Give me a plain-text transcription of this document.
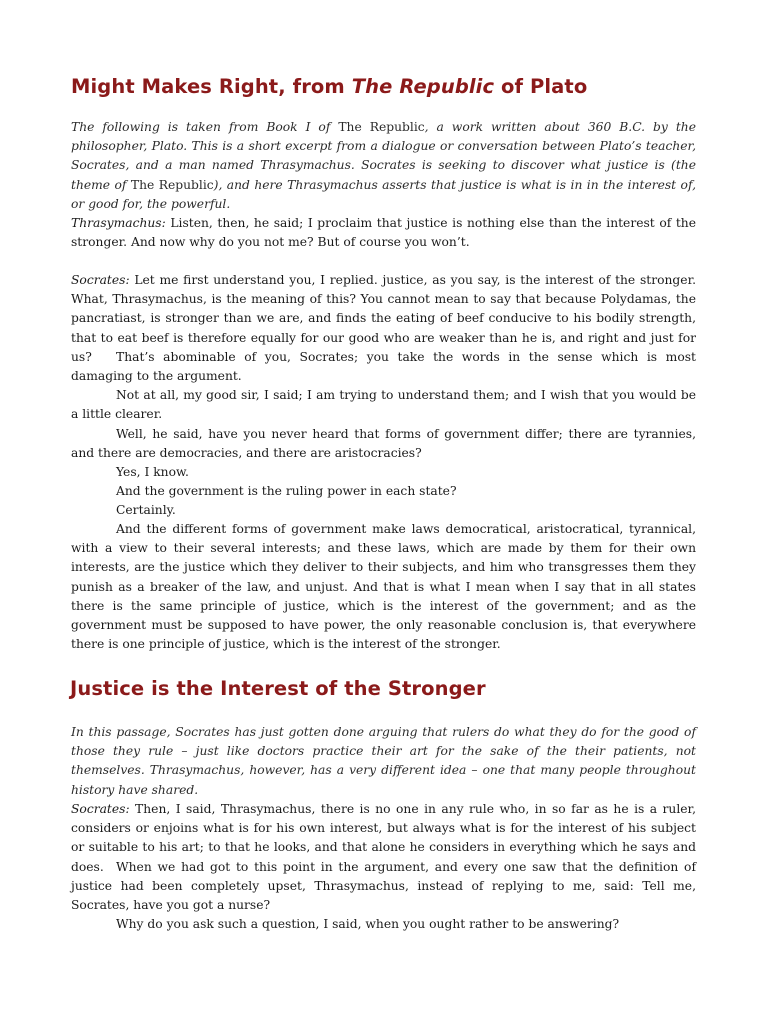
Might Makes Right, from The Republic of Plato

The following is taken from Book I of The Republic, a work written about 360 B.C. by the philosopher, Plato. This is a short excerpt from a dialogue or conversation between Plato’s teacher, Socrates, and a man named Thrasymachus. Socrates is seeking to discover what justice is (the theme of The Republic), and here Thrasymachus asserts that justice is what is in in the interest of, or good for, the powerful.

Thrasymachus: Listen, then, he said; I proclaim that justice is nothing else than the interest of the stronger. And now why do you not me? But of course you won’t.

Socrates: Let me first understand you, I replied. justice, as you say, is the interest of the stronger. What, Thrasymachus, is the meaning of this? You cannot mean to say that because Polydamas, the pancratiast, is stronger than we are, and finds the eating of beef conducive to his bodily strength, that to eat beef is therefore equally for our good who are weaker than he is, and right and just for us?	That’s abominable of you, Socrates; you take the words in the sense which is most damaging to the argument.

Not at all, my good sir, I said; I am trying to understand them; and I wish that you would be a little clearer.

Well, he said, have you never heard that forms of government differ; there are tyrannies, and there are democracies, and there are aristocracies?

Yes, I know.

And the government is the ruling power in each state?

Certainly.

And the different forms of government make laws democratical, aristocratical, tyrannical, with a view to their several interests; and these laws, which are made by them for their own interests, are the justice which they deliver to their subjects, and him who transgresses them they punish as a breaker of the law, and unjust. And that is what I mean when I say that in all states there is the same principle of justice, which is the interest of the government; and as the government must be supposed to have power, the only reasonable conclusion is, that everywhere there is one principle of justice, which is the interest of the stronger.

Justice is the Interest of the Stronger

In this passage, Socrates has just gotten done arguing that rulers do what they do for the good of those they rule – just like doctors practice their art for the sake of the their patients, not themselves. Thrasymachus, however, has a very different idea – one that many people throughout history have shared.

Socrates: Then, I said, Thrasymachus, there is no one in any rule who, in so far as he is a ruler, considers or enjoins what is for his own interest, but always what is for the interest of his subject or suitable to his art; to that he looks, and that alone he considers in everything which he says and does. When we had got to this point in the argument, and every one saw that the definition of justice had been completely upset, Thrasymachus, instead of replying to me, said: Tell me, Socrates, have you got a nurse?

Why do you ask such a question, I said, when you ought rather to be answering?
